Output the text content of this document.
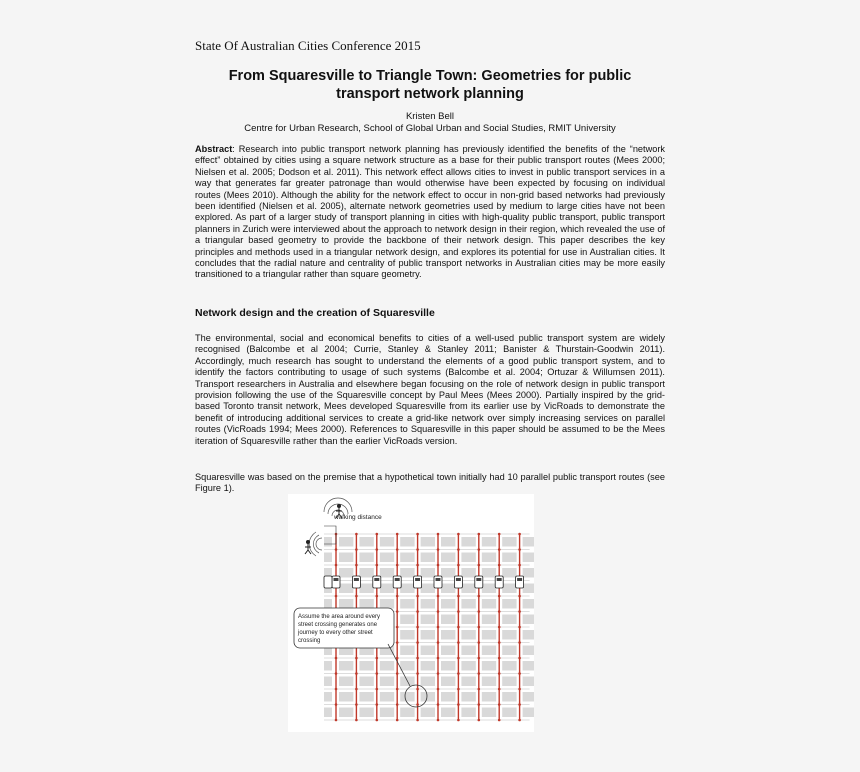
State Of Australian Cities Conference 2015
From Squaresville to Triangle Town: Geometries for public transport network planning
Kristen Bell
Centre for Urban Research, School of Global Urban and Social Studies, RMIT University

Abstract: Research into public transport network planning has previously identified the benefits of the “network effect” obtained by cities using a square network structure as a base for their public transport routes (Mees 2000; Nielsen et al. 2005; Dodson et al. 2011). This network effect allows cities to invest in public transport services in a way that generates far greater patronage than would otherwise have been expected by focusing on individual routes (Mees 2010). Although the ability for the network effect to occur in non-grid based networks had previously been identified (Nielsen et al. 2005), alternate network geometries used by medium to large cities have not been explored. As part of a larger study of transport planning in cities with high-quality public transport, public transport planners in Zurich were interviewed about the approach to network design in their region, which revealed the use of a triangular based geometry to provide the backbone of their network design. This paper describes the key principles and methods used in a triangular network design, and explores its potential for use in Australian cities. It concludes that the radial nature and centrality of public transport networks in Australian cities may be more easily transitioned to a triangular rather than square geometry.

Network design and the creation of Squaresville

The environmental, social and economical benefits to cities of a well-used public transport system are widely recognised (Balcombe et al 2004; Currie, Stanley & Stanley 2011; Banister & Thurstain-Goodwin 2011). Accordingly, much research has sought to understand the elements of a good public transport system, and to identify the factors contributing to usage of such systems (Balcombe et al. 2004; Ortuzar & Willumsen 2011). Transport researchers in Australia and elsewhere began focusing on the role of network design in public transport provision following the use of the Squaresville concept by Paul Mees (Mees 2000). Partially inspired by the grid-based Toronto transit network, Mees developed Squaresville from its earlier use by VicRoads to demonstrate the benefit of introducing additional services to create a grid-like network over simply increasing services on parallel routes (VicRoads 1994; Mees 2000). References to Squaresville in this paper should be assumed to be the Mees iteration of Squaresville rather than the earlier VicRoads version.

Squaresville was based on the premise that a hypothetical town initially had 10 parallel public transport routes (see Figure 1).

walking distance
Assume the area around every street crossing generates one journey to every other street crossing
